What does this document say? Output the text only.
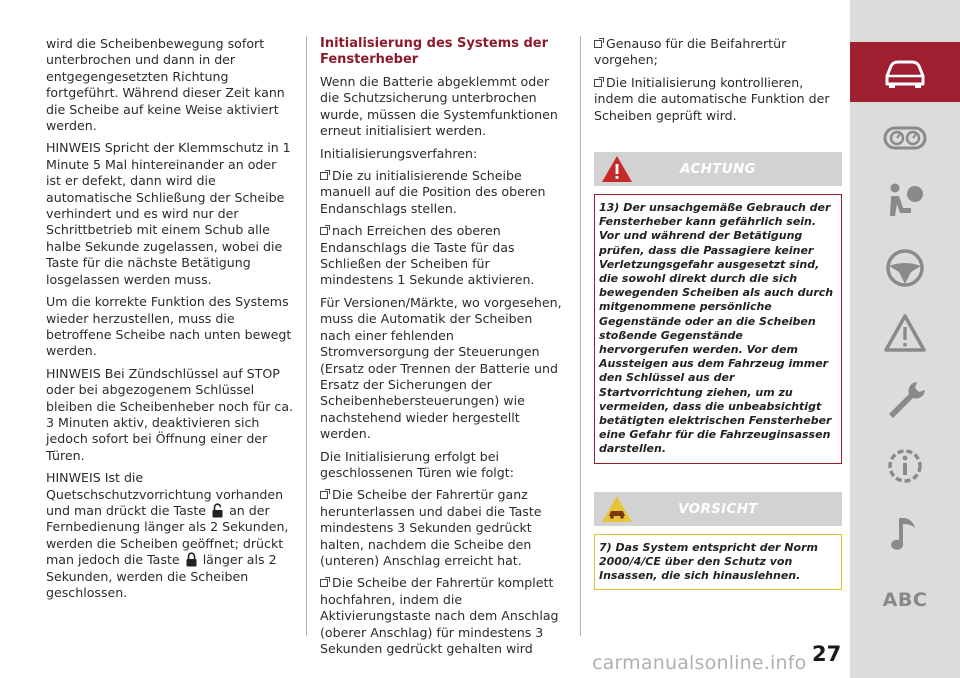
wird die Scheibenbewegung sofort unterbrochen und dann in der entgegengesetzten Richtung fortgeführt. Während dieser Zeit kann die Scheibe auf keine Weise aktiviert werden.

HINWEIS Spricht der Klemmschutz in 1 Minute 5 Mal hintereinander an oder ist er defekt, dann wird die automatische Schließung der Scheibe verhindert und es wird nur der Schrittbetrieb mit einem Schub alle halbe Sekunde zugelassen, wobei die Taste für die nächste Betätigung losgelassen werden muss.

Um die korrekte Funktion des Systems wieder herzustellen, muss die betroffene Scheibe nach unten bewegt werden.

HINWEIS Bei Zündschlüssel auf STOP oder bei abgezogenem Schlüssel bleiben die Scheibenheber noch für ca. 3 Minuten aktiv, deaktivieren sich jedoch sofort bei Öffnung einer der Türen.

HINWEIS Ist die Quetschschutzvorrichtung vorhanden und man drückt die Taste an der Fernbedienung länger als 2 Sekunden, werden die Scheiben geöffnet; drückt man jedoch die Taste länger als 2 Sekunden, werden die Scheiben geschlossen.

Initialisierung des Systems der Fensterheber

Wenn die Batterie abgeklemmt oder die Schutzsicherung unterbrochen wurde, müssen die Systemfunktionen erneut initialisiert werden.

Initialisierungsverfahren:

Die zu initialisierende Scheibe manuell auf die Position des oberen Endanschlags stellen.

nach Erreichen des oberen Endanschlags die Taste für das Schließen der Scheiben für mindestens 1 Sekunde aktivieren.

Für Versionen/Märkte, wo vorgesehen, muss die Automatik der Scheiben nach einer fehlenden Stromversorgung der Steuerungen (Ersatz oder Trennen der Batterie und Ersatz der Sicherungen der Scheibenhebersteuerungen) wie nachstehend wieder hergestellt werden.

Die Initialisierung erfolgt bei geschlossenen Türen wie folgt:

Die Scheibe der Fahrertür ganz herunterlassen und dabei die Taste mindestens 3 Sekunden gedrückt halten, nachdem die Scheibe den (unteren) Anschlag erreicht hat.

Die Scheibe der Fahrertür komplett hochfahren, indem die Aktivierungstaste nach dem Anschlag (oberer Anschlag) für mindestens 3 Sekunden gedrückt gehalten wird

Genauso für die Beifahrertür vorgehen;

Die Initialisierung kontrollieren, indem die automatische Funktion der Scheiben geprüft wird.

ACHTUNG
13) Der unsachgemäße Gebrauch der Fensterheber kann gefährlich sein. Vor und während der Betätigung prüfen, dass die Passagiere keiner Verletzungsgefahr ausgesetzt sind, die sowohl direkt durch die sich bewegenden Scheiben als auch durch mitgenommene persönliche Gegenstände oder an die Scheiben stoßende Gegenstände hervorgerufen werden. Vor dem Aussteigen aus dem Fahrzeug immer den Schlüssel aus der Startvorrichtung ziehen, um zu vermeiden, dass die unbeabsichtigt betätigten elektrischen Fensterheber eine Gefahr für die Fahrzeuginsassen darstellen.
VORSICHT
7) Das System entspricht der Norm 2000/4/CE über den Schutz von Insassen, die sich hinauslehnen.
ABC
27
carmanualsonline.info
